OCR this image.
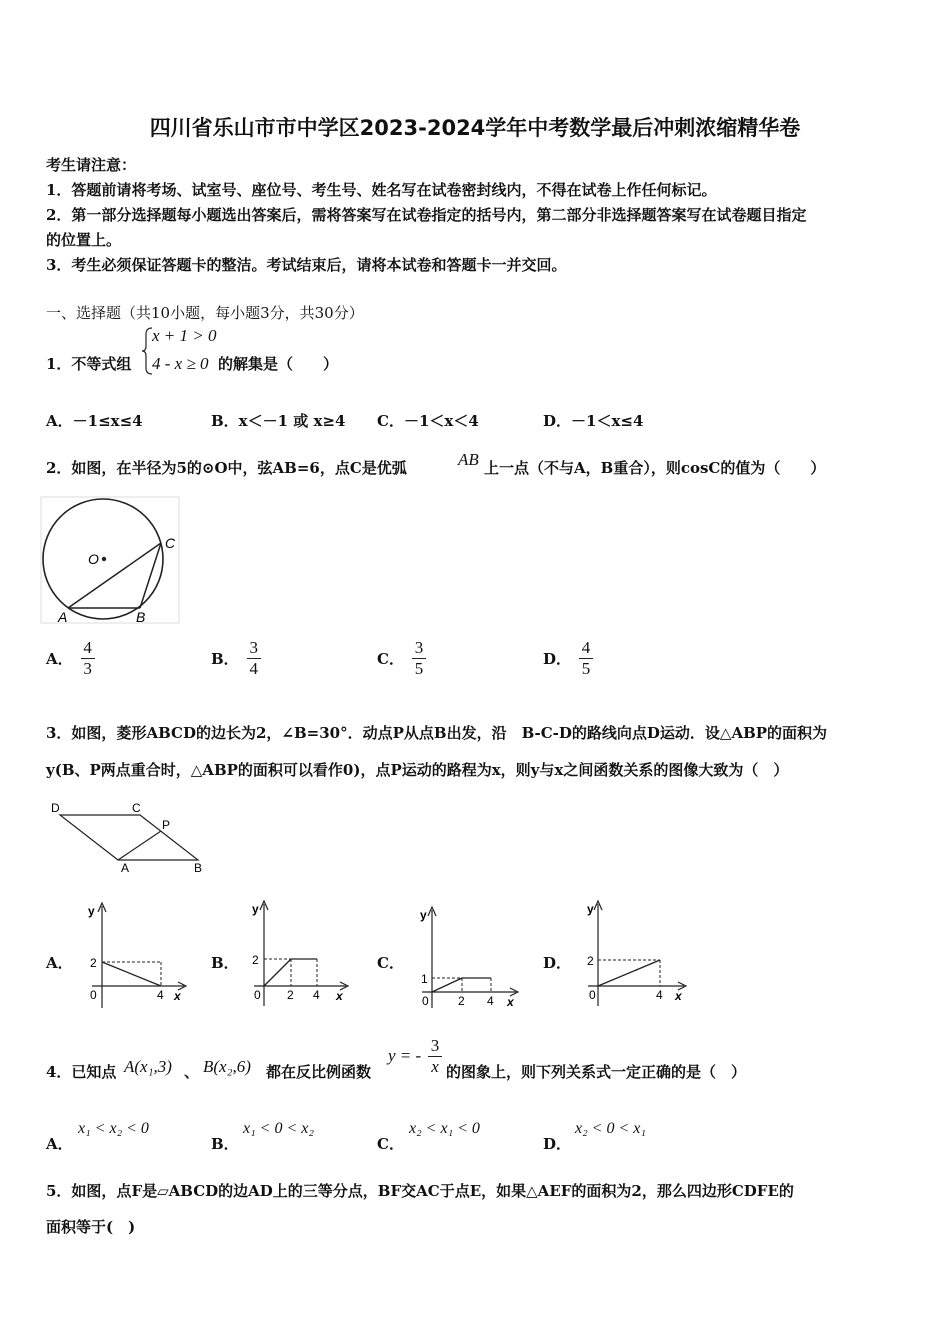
四川省乐山市市中学区2023-2024学年中考数学最后冲刺浓缩精华卷
考生请注意：
1．答题前请将考场、试室号、座位号、考生号、姓名写在试卷密封线内，不得在试卷上作任何标记。
2．第一部分选择题每小题选出答案后，需将答案写在试卷指定的括号内，第二部分非选择题答案写在试卷题目指定
的位置上。
3．考生必须保证答题卡的整洁。考试结束后，请将本试卷和答题卡一并交回。
一、选择题（共10小题，每小题3分，共30分）
1．不等式组
x + 1 > 0
4 - x ≥ 0 的解集是（　　）
A．－1≤x≤4	B．x＜－1 或 x≥4 C．－1＜x＜4	D．－1＜x≤4
2．如图，在半径为5的⊙O中，弦AB=6，点C是优弧	AB 上一点（不与A，B重合），则cosC的值为（　　）
O
C
A	B
A． $\frac{4}{3}$	B． $\frac{3}{4}$	C． $\frac{3}{5}$	D． $\frac{4}{5}$
3．如图，菱形ABCD的边长为2，∠B=30°．动点P从点B出发，沿　B-C-D的路线向点D运动．设△ABP的面积为
y(B、P两点重合时，△ABP的面积可以看作0)，点P运动的路程为x，则y与x之间函数关系的图像大致为（　）
D	C
P
A	B
A．
y
2
0	4 x
B．
y
2
0 2 4 x
C．
y
1
0 2 4 x
D．
y
2
0	4 x
4．已知点 A(x₁,3) 、 B(x₂,6) 都在反比例函数
y = -
3
x 的图象上，则下列关系式一定正确的是（　）
A．
x₁ < x₂ < 0
B．
x₁ < 0 < x₂
C．
x₂ < x₁ < 0
D．
x₂ < 0 < x₁
5．如图，点F是▱ABCD的边AD上的三等分点，BF交AC于点E，如果△AEF的面积为2，那么四边形CDFE的
面积等于(　)
